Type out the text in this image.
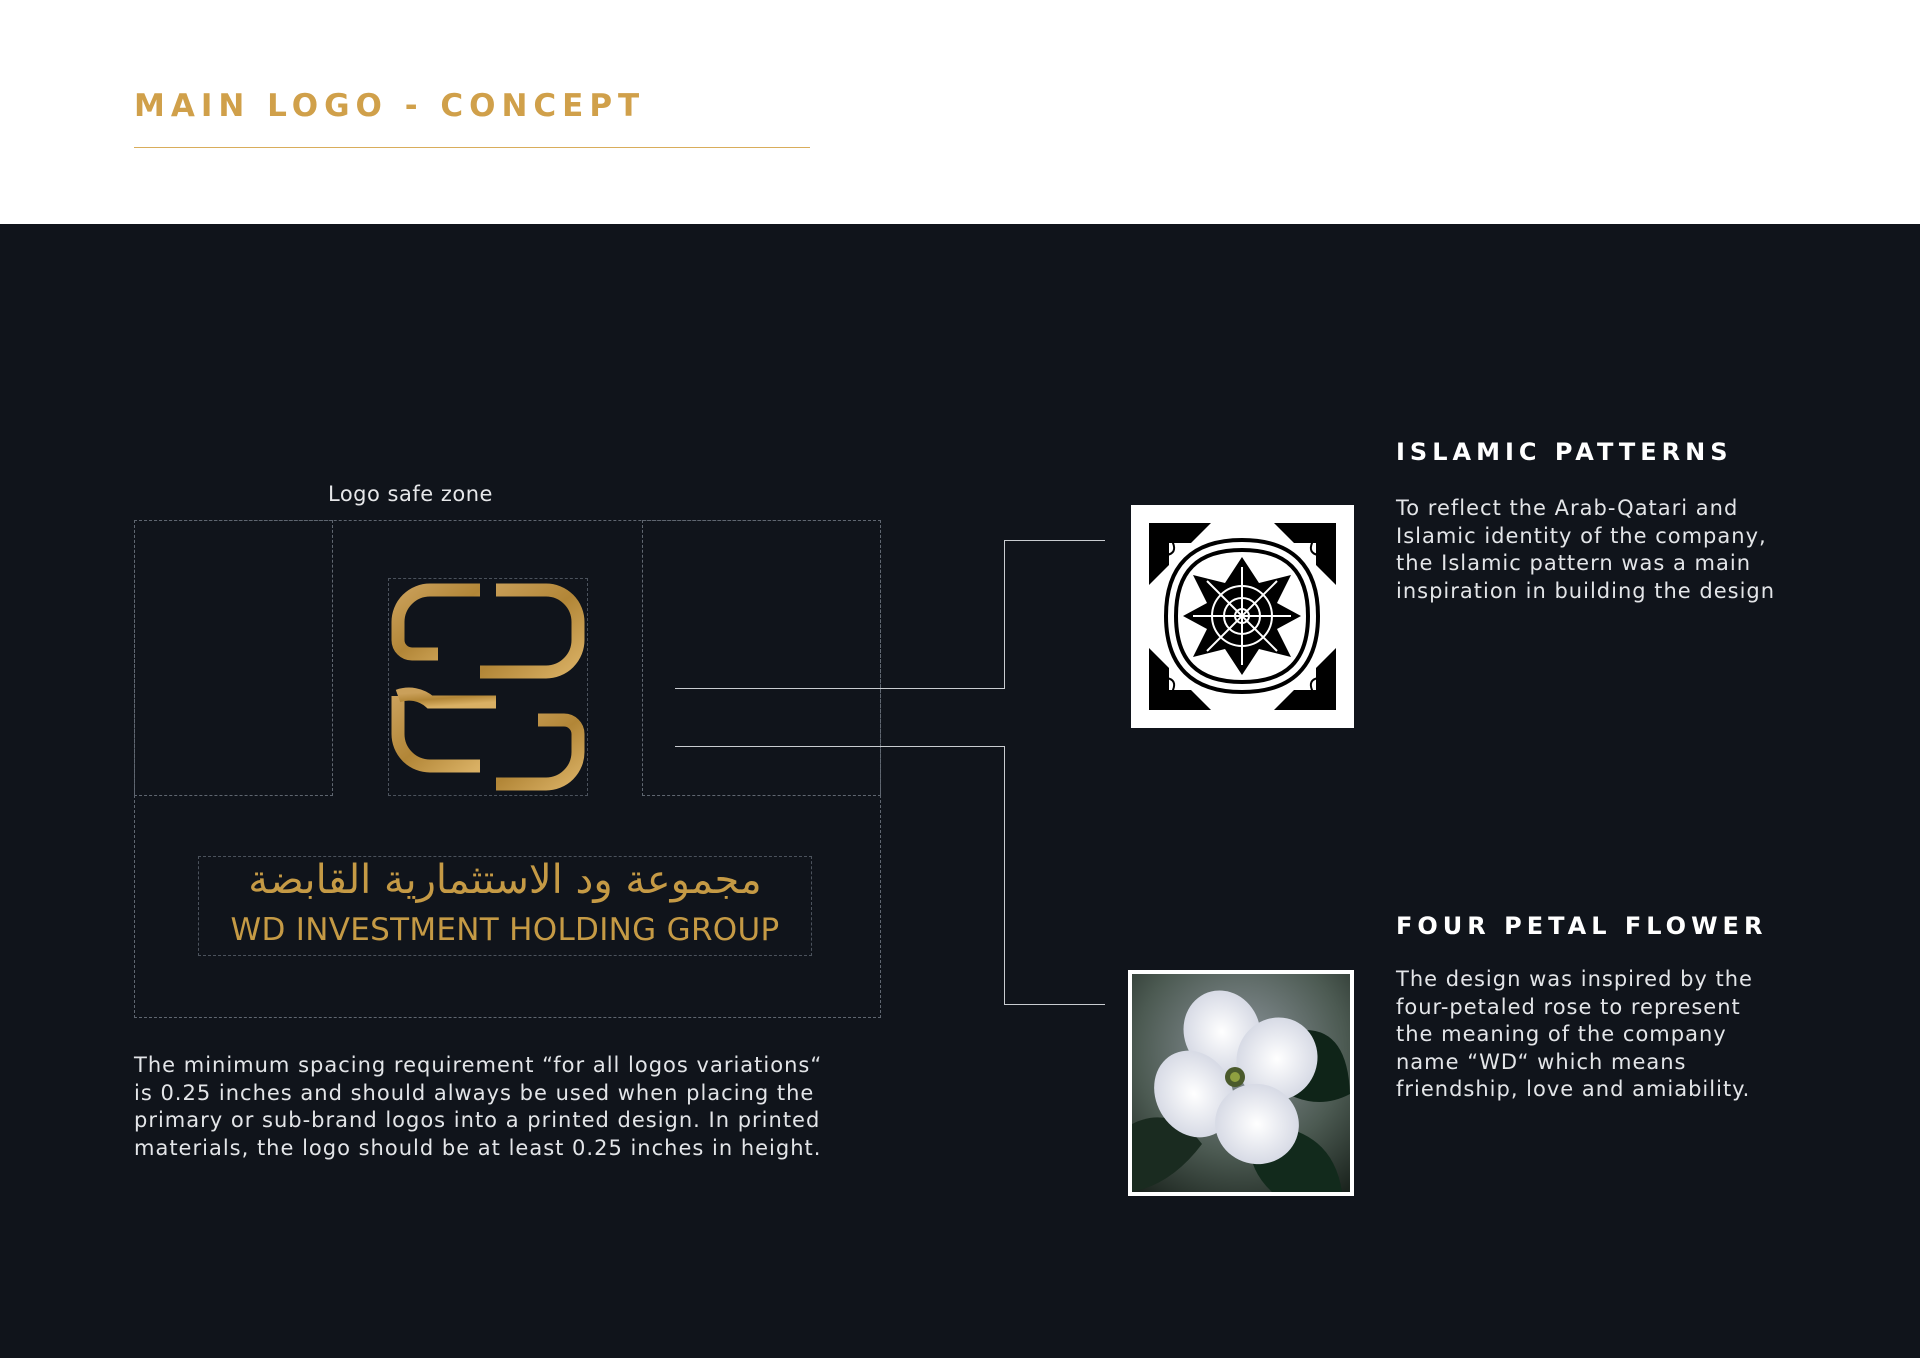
MAIN LOGO - CONCEPT
Logo safe zone
مجموعة ود الاستثمارية القابضة
WD INVESTMENT HOLDING GROUP
The minimum spacing requirement “for all logos variations“
is 0.25 inches and should always be used when placing the
primary or sub-brand logos into a printed design. In printed
materials, the logo should be at least 0.25 inches in height.
ISLAMIC PATTERNS
To reflect the Arab-Qatari and
Islamic identity of the company,
the Islamic pattern was a main
inspiration in building the design
FOUR PETAL FLOWER
The design was inspired by the
four-petaled rose to represent
the meaning of the company
name “WD“ which means
friendship, love and amiability.
